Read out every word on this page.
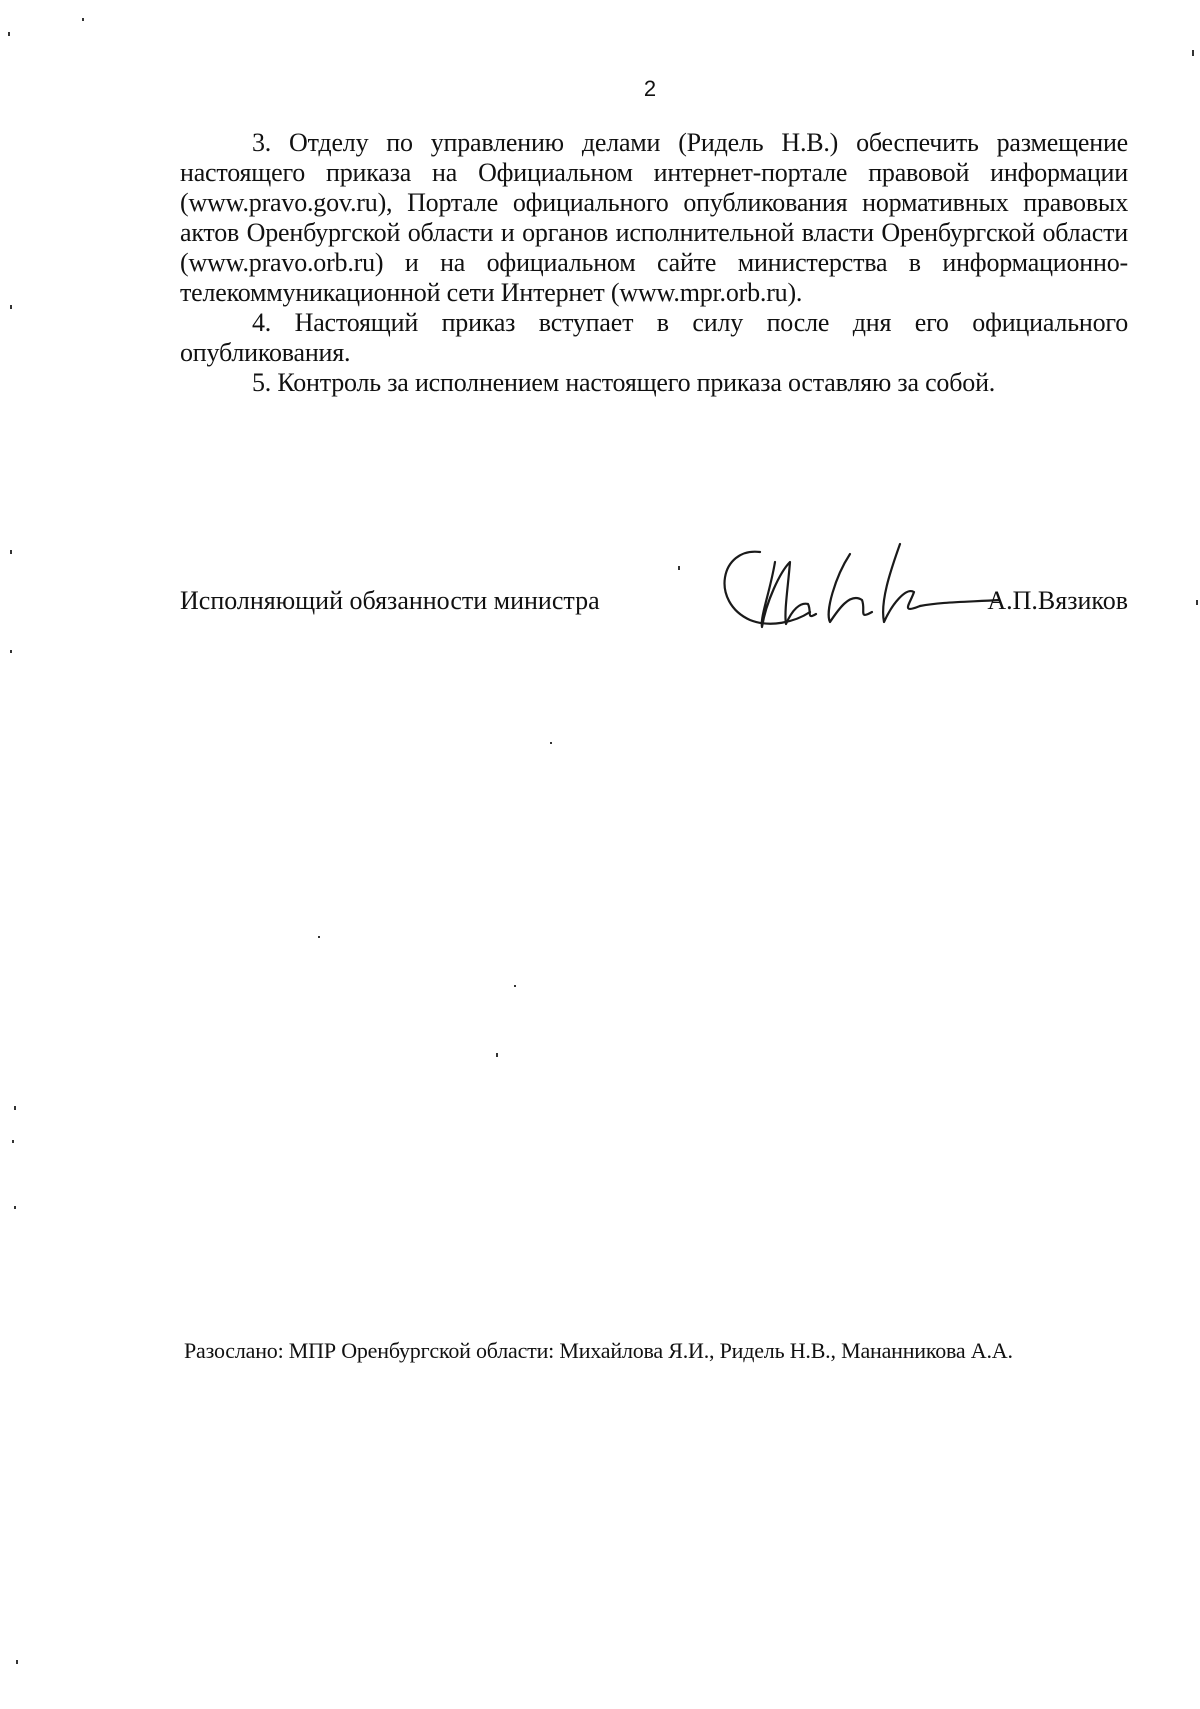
2

3. Отделу по управлению делами (Ридель Н.В.) обеспечить размещение настоящего приказа на Официальном интернет-портале правовой информации (www.pravo.gov.ru), Порталe официального опубликования нормативных правовых актов Оренбургской области и органов исполнительной власти Оренбургской области (www.pravo.orb.ru) и на официальном сайте министерства в информационно-телекоммуникационной сети Интернет (www.mpr.orb.ru).

4. Настоящий приказ вступает в силу после дня его официального опубликования.

5. Контроль за исполнением настоящего приказа оставляю за собой.

Исполняющий обязанности министра	А.П.Вязиков
Разослано: МПР Оренбургской области: Михайлова Я.И., Ридель Н.В., Мананникова А.А.
